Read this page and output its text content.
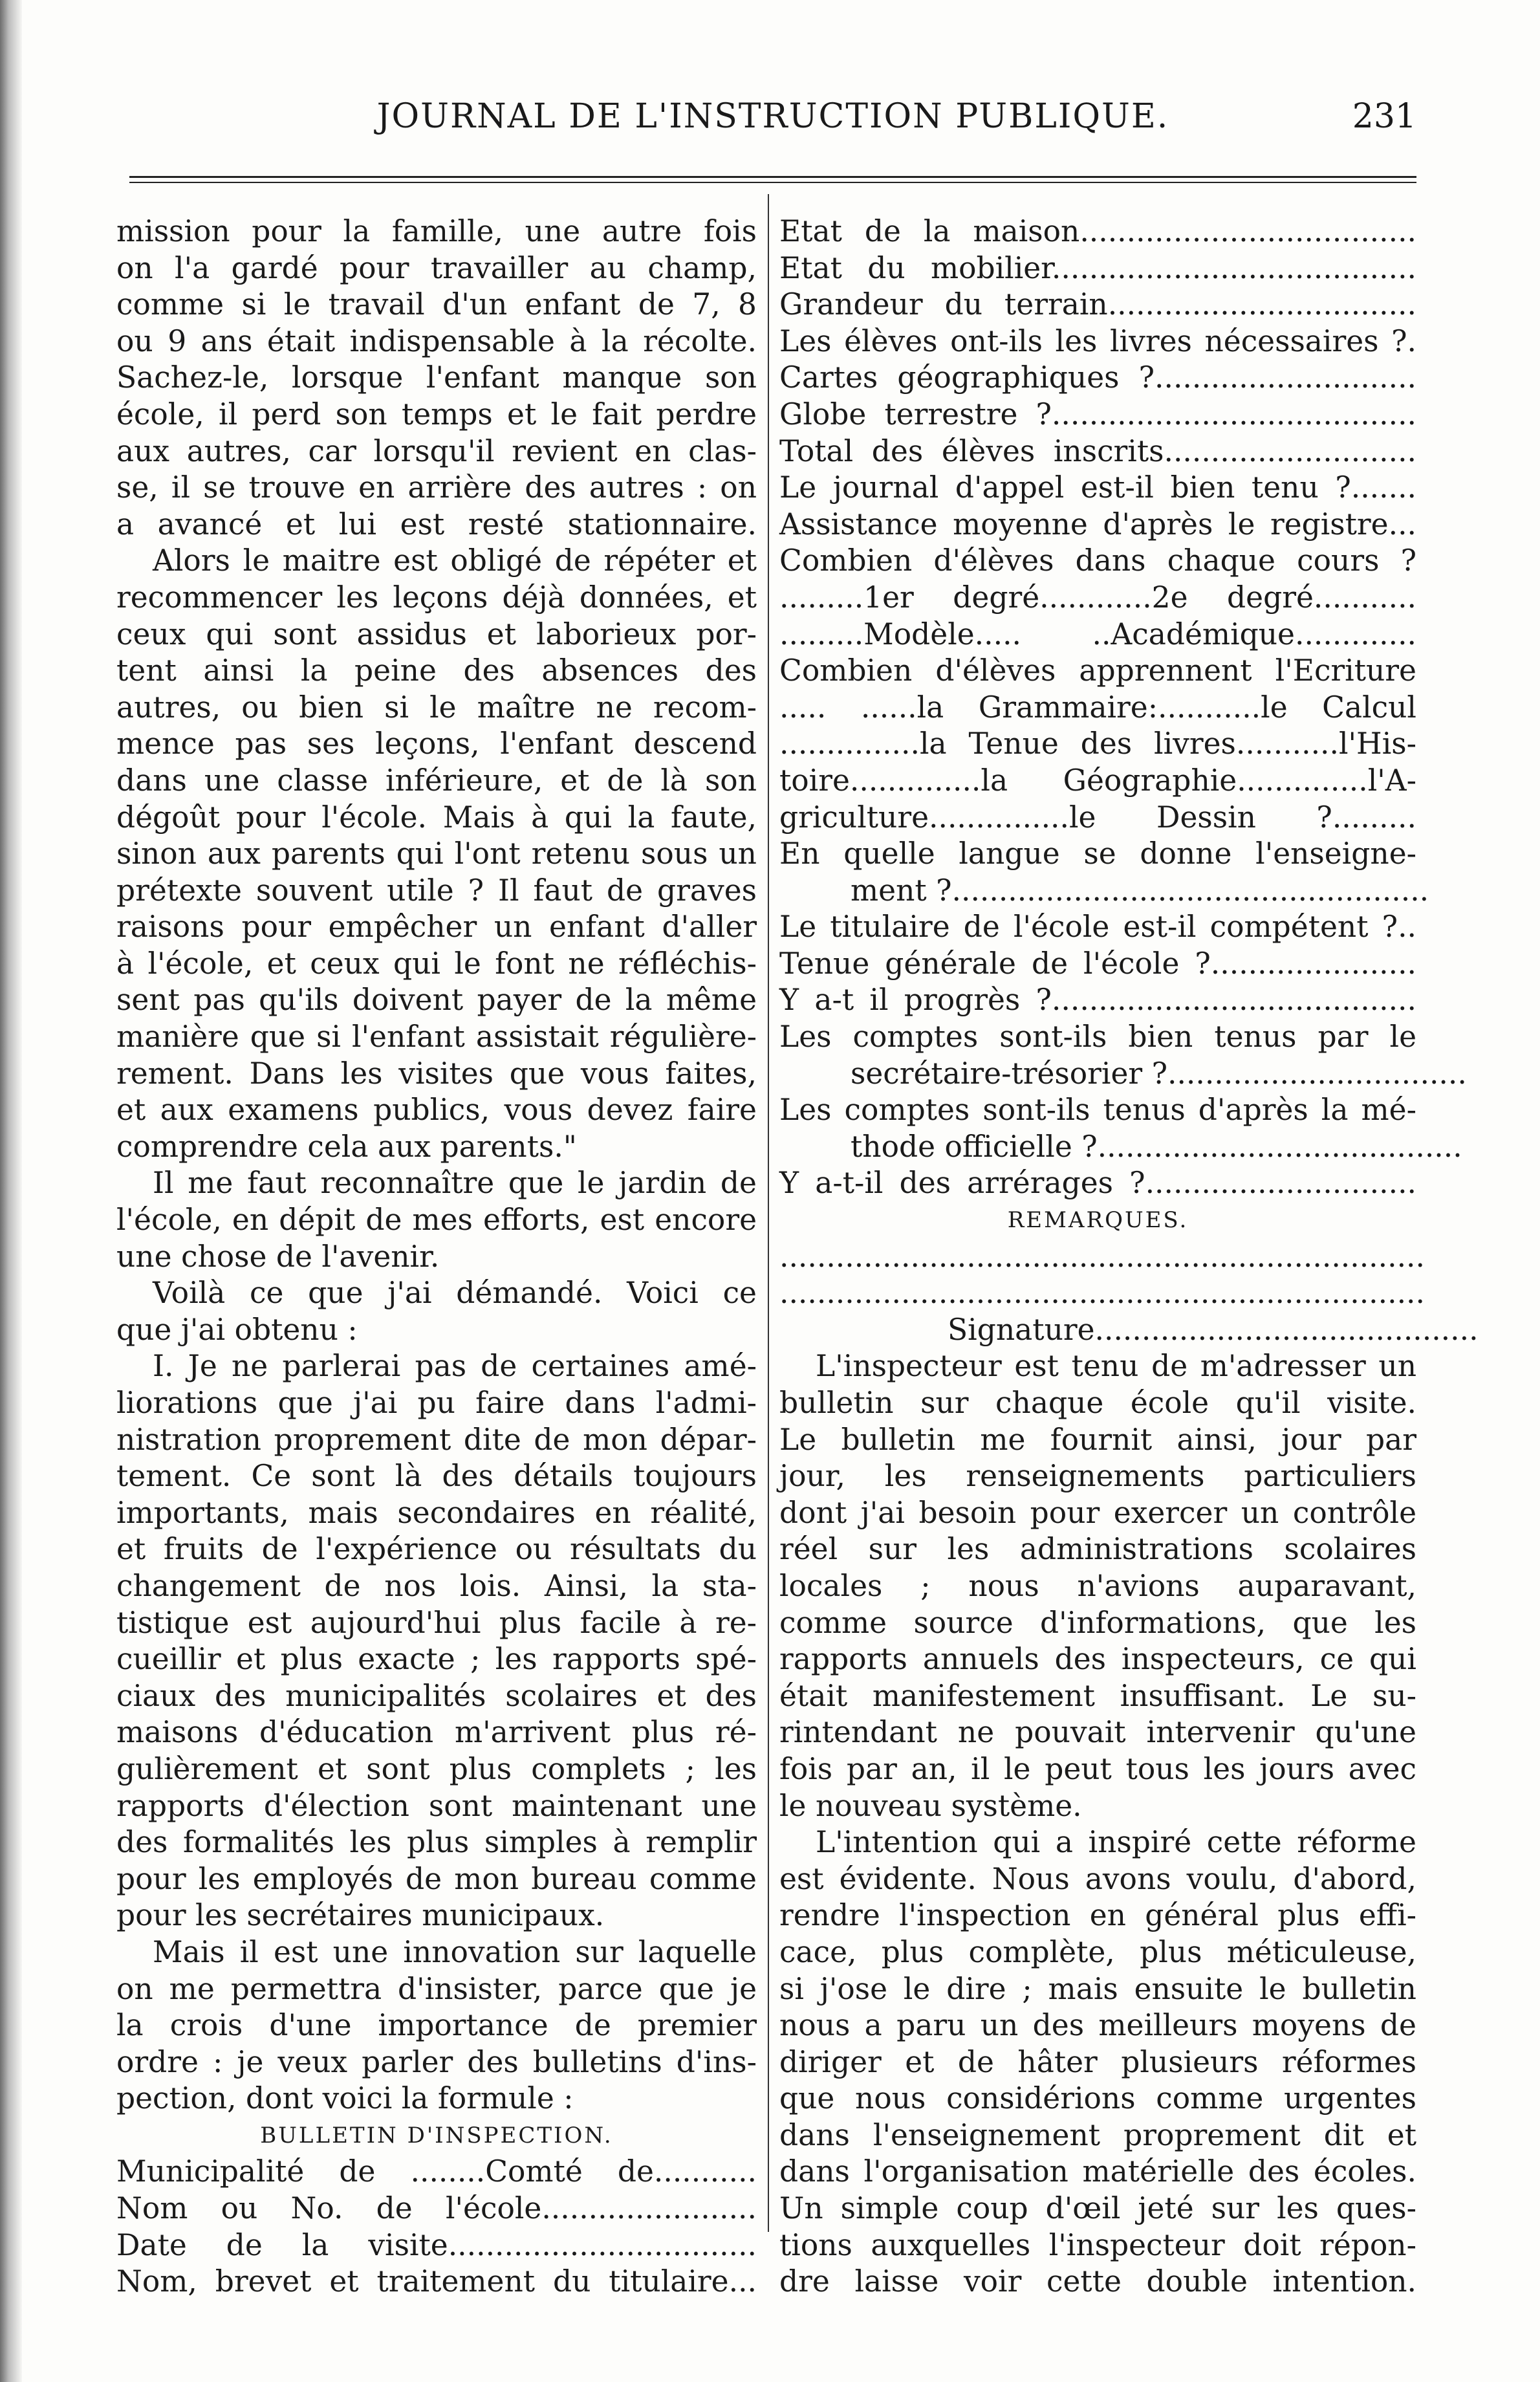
JOURNAL DE L'INSTRUCTION PUBLIQUE.	231
mission pour la famille, une autre fois
on l'a gardé pour travailler au champ,
comme si le travail d'un enfant de 7, 8
ou 9 ans était indispensable à la récolte.
Sachez-le, lorsque l'enfant manque son
école, il perd son temps et le fait perdre
aux autres, car lorsqu'il revient en clas-
se, il se trouve en arrière des autres : on
a avancé et lui est resté stationnaire.
Alors le maitre est obligé de répéter et
recommencer les leçons déjà données, et
ceux qui sont assidus et laborieux por-
tent ainsi la peine des absences des
autres, ou bien si le maître ne recom-
mence pas ses leçons, l'enfant descend
dans une classe inférieure, et de là son
dégoût pour l'école. Mais à qui la faute,
sinon aux parents qui l'ont retenu sous un
prétexte souvent utile ? Il faut de graves
raisons pour empêcher un enfant d'aller
à l'école, et ceux qui le font ne réfléchis-
sent pas qu'ils doivent payer de la même
manière que si l'enfant assistait régulière-
rement. Dans les visites que vous faites,
et aux examens publics, vous devez faire
comprendre cela aux parents."
Il me faut reconnaître que le jardin de
l'école, en dépit de mes efforts, est encore
une chose de l'avenir.
Voilà ce que j'ai démandé. Voici ce
que j'ai obtenu :
I. Je ne parlerai pas de certaines amé-
liorations que j'ai pu faire dans l'admi-
nistration proprement dite de mon dépar-
tement. Ce sont là des détails toujours
importants, mais secondaires en réalité,
et fruits de l'expérience ou résultats du
changement de nos lois. Ainsi, la sta-
tistique est aujourd'hui plus facile à re-
cueillir et plus exacte ; les rapports spé-
ciaux des municipalités scolaires et des
maisons d'éducation m'arrivent plus ré-
gulièrement et sont plus complets ; les
rapports d'élection sont maintenant une
des formalités les plus simples à remplir
pour les employés de mon bureau comme
pour les secrétaires municipaux.
Mais il est une innovation sur laquelle
on me permettra d'insister, parce que je
la crois d'une importance de premier
ordre : je veux parler des bulletins d'ins-
pection, dont voici la formule :
BULLETIN D'INSPECTION.
Municipalité de ........Comté de...........
Nom ou No. de l'école.......................
Date de la visite.................................
Nom, brevet et traitement du titulaire...
Etat de la maison....................................
Etat du mobilier.......................................
Grandeur du terrain.................................
Les élèves ont-ils les livres nécessaires ?.
Cartes géographiques ?............................
Globe terrestre ?.......................................
Total des élèves inscrits...........................
Le journal d'appel est-il bien tenu ?.......
Assistance moyenne d'après le registre...
Combien d'élèves dans chaque cours ?
.........1er degré............2e degré...........
.........Modèle..... ..Académique.............
Combien d'élèves apprennent l'Ecriture
..... ......la Grammaire:...........le Calcul
...............la Tenue des livres...........l'His-
toire..............la Géographie..............l'A-
griculture...............le Dessin ?.........
En quelle langue se donne l'enseigne-
ment ?...................................................
Le titulaire de l'école est-il compétent ?..
Tenue générale de l'école ?......................
Y a-t il progrès ?.......................................
Les comptes sont-ils bien tenus par le
secrétaire-trésorier ?................................
Les comptes sont-ils tenus d'après la mé-
thode officielle ?.......................................
Y a-t-il des arrérages ?.............................
REMARQUES.
.....................................................................
.....................................................................
Signature.........................................
L'inspecteur est tenu de m'adresser un
bulletin sur chaque école qu'il visite.
Le bulletin me fournit ainsi, jour par
jour, les renseignements particuliers
dont j'ai besoin pour exercer un contrôle
réel sur les administrations scolaires
locales ; nous n'avions auparavant,
comme source d'informations, que les
rapports annuels des inspecteurs, ce qui
était manifestement insuffisant. Le su-
rintendant ne pouvait intervenir qu'une
fois par an, il le peut tous les jours avec
le nouveau système.
L'intention qui a inspiré cette réforme
est évidente. Nous avons voulu, d'abord,
rendre l'inspection en général plus effi-
cace, plus complète, plus méticuleuse,
si j'ose le dire ; mais ensuite le bulletin
nous a paru un des meilleurs moyens de
diriger et de hâter plusieurs réformes
que nous considérions comme urgentes
dans l'enseignement proprement dit et
dans l'organisation matérielle des écoles.
Un simple coup d'œil jeté sur les ques-
tions auxquelles l'inspecteur doit répon-
dre laisse voir cette double intention.
